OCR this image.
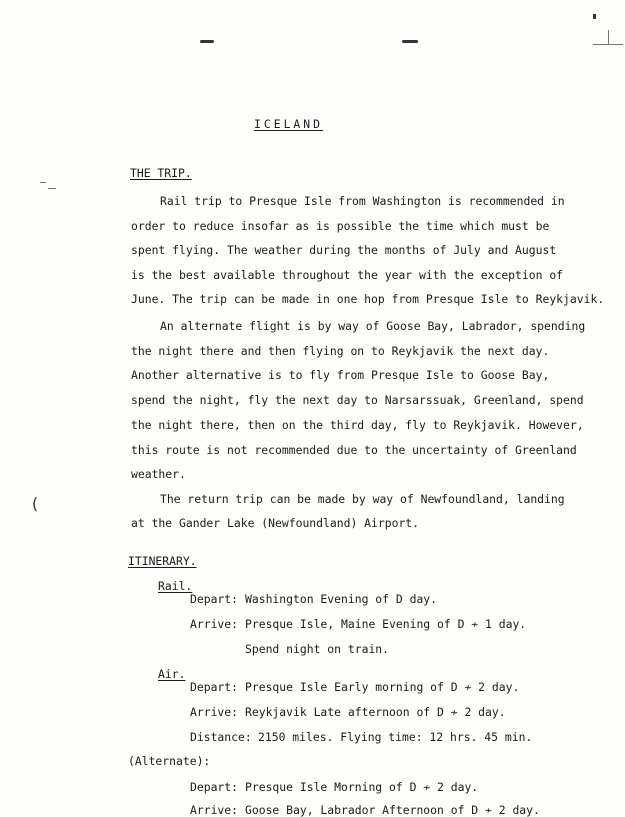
(
ICELAND
THE TRIP.
Rail trip to Presque Isle from Washington is recommended in
order to reduce insofar as is possible the time which must be
spent flying. The weather during the months of July and August
is the best available throughout the year with the exception of
June. The trip can be made in one hop from Presque Isle to Reykjavik.
An alternate flight is by way of Goose Bay, Labrador, spending
the night there and then flying on to Reykjavik the next day.
Another alternative is to fly from Presque Isle to Goose Bay,
spend the night, fly the next day to Narsarssuak, Greenland, spend
the night there, then on the third day, fly to Reykjavik. However,
this route is not recommended due to the uncertainty of Greenland
weather.
The return trip can be made by way of Newfoundland, landing
at the Gander Lake (Newfoundland) Airport.
ITINERARY.
Rail.
Depart: Washington Evening of D day.
Arrive: Presque Isle, Maine Evening of D ≁ 1 day.
Spend night on train.
Air.
Depart: Presque Isle Early morning of D ≁ 2 day.
Arrive: Reykjavik Late afternoon of D ≁ 2 day.
Distance: 2150 miles. Flying time: 12 hrs. 45 min.
(Alternate):
Depart: Presque Isle Morning of D ≁ 2 day.
Arrive: Goose Bay, Labrador Afternoon of D ≁ 2 day.
